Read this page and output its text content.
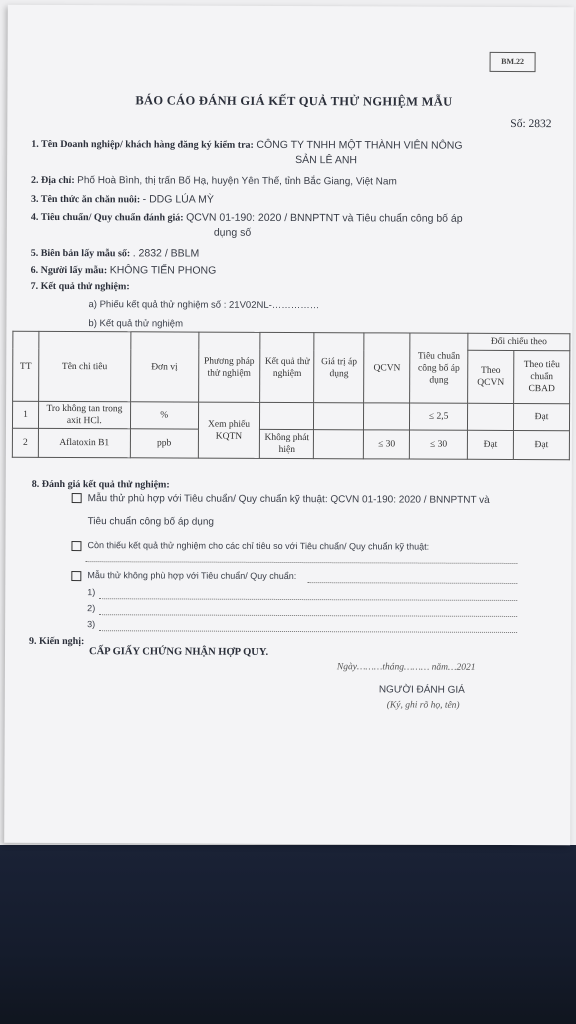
BM.22
BÁO CÁO ĐÁNH GIÁ KẾT QUẢ THỬ NGHIỆM MẪU
Số: 2832
1. Tên Doanh nghiệp/ khách hàng đăng ký kiểm tra: CÔNG TY TNHH MỘT THÀNH VIÊN NÔNG
SẢN LÊ ANH
2. Địa chỉ: Phố Hoà Bình, thị trấn Bố Hạ, huyện Yên Thế, tỉnh Bắc Giang, Việt Nam
3. Tên thức ăn chăn nuôi: - DDG LÚA MỲ
4. Tiêu chuẩn/ Quy chuẩn đánh giá: QCVN 01-190: 2020 / BNNPTNT và Tiêu chuẩn công bố áp
dụng số
5. Biên bản lấy mẫu số: . 2832 / BBLM
6. Người lấy mẫu: KHÔNG TIẾN PHONG
7. Kết quả thử nghiệm:
a) Phiếu kết quả thử nghiệm số : 21V02NL-……………
b) Kết quả thử nghiệm
TT	Tên chỉ tiêu	Đơn vị	Phương pháp thử nghiệm	Kết quả thử nghiệm	Giá trị áp dụng	QCVN	Tiêu chuẩn công bố áp dụng	Đối chiếu theo	
								Theo QCVN	Theo tiêu chuẩn CBAD
1	Tro không tan trong axit HCl.	%	Xem phiếu KQTN				≤ 2,5		Đạt
2	Aflatoxin B1	ppb		Không phát hiện		≤ 30	≤ 30	Đạt	Đạt
8. Đánh giá kết quả thử nghiệm:
Mẫu thử phù hợp với Tiêu chuẩn/ Quy chuẩn kỹ thuật: QCVN 01-190: 2020 / BNNPTNT và
Tiêu chuẩn công bố áp dụng
Còn thiếu kết quả thử nghiệm cho các chỉ tiêu so với Tiêu chuẩn/ Quy chuẩn kỹ thuật:
Mẫu thử không phù hợp với Tiêu chuẩn/ Quy chuẩn:
1)
2)
3)
9. Kiến nghị:
CẤP GIẤY CHỨNG NHẬN HỢP QUY.
Ngày………tháng……… năm…2021
NGƯỜI ĐÁNH GIÁ
(Ký, ghi rõ họ, tên)
